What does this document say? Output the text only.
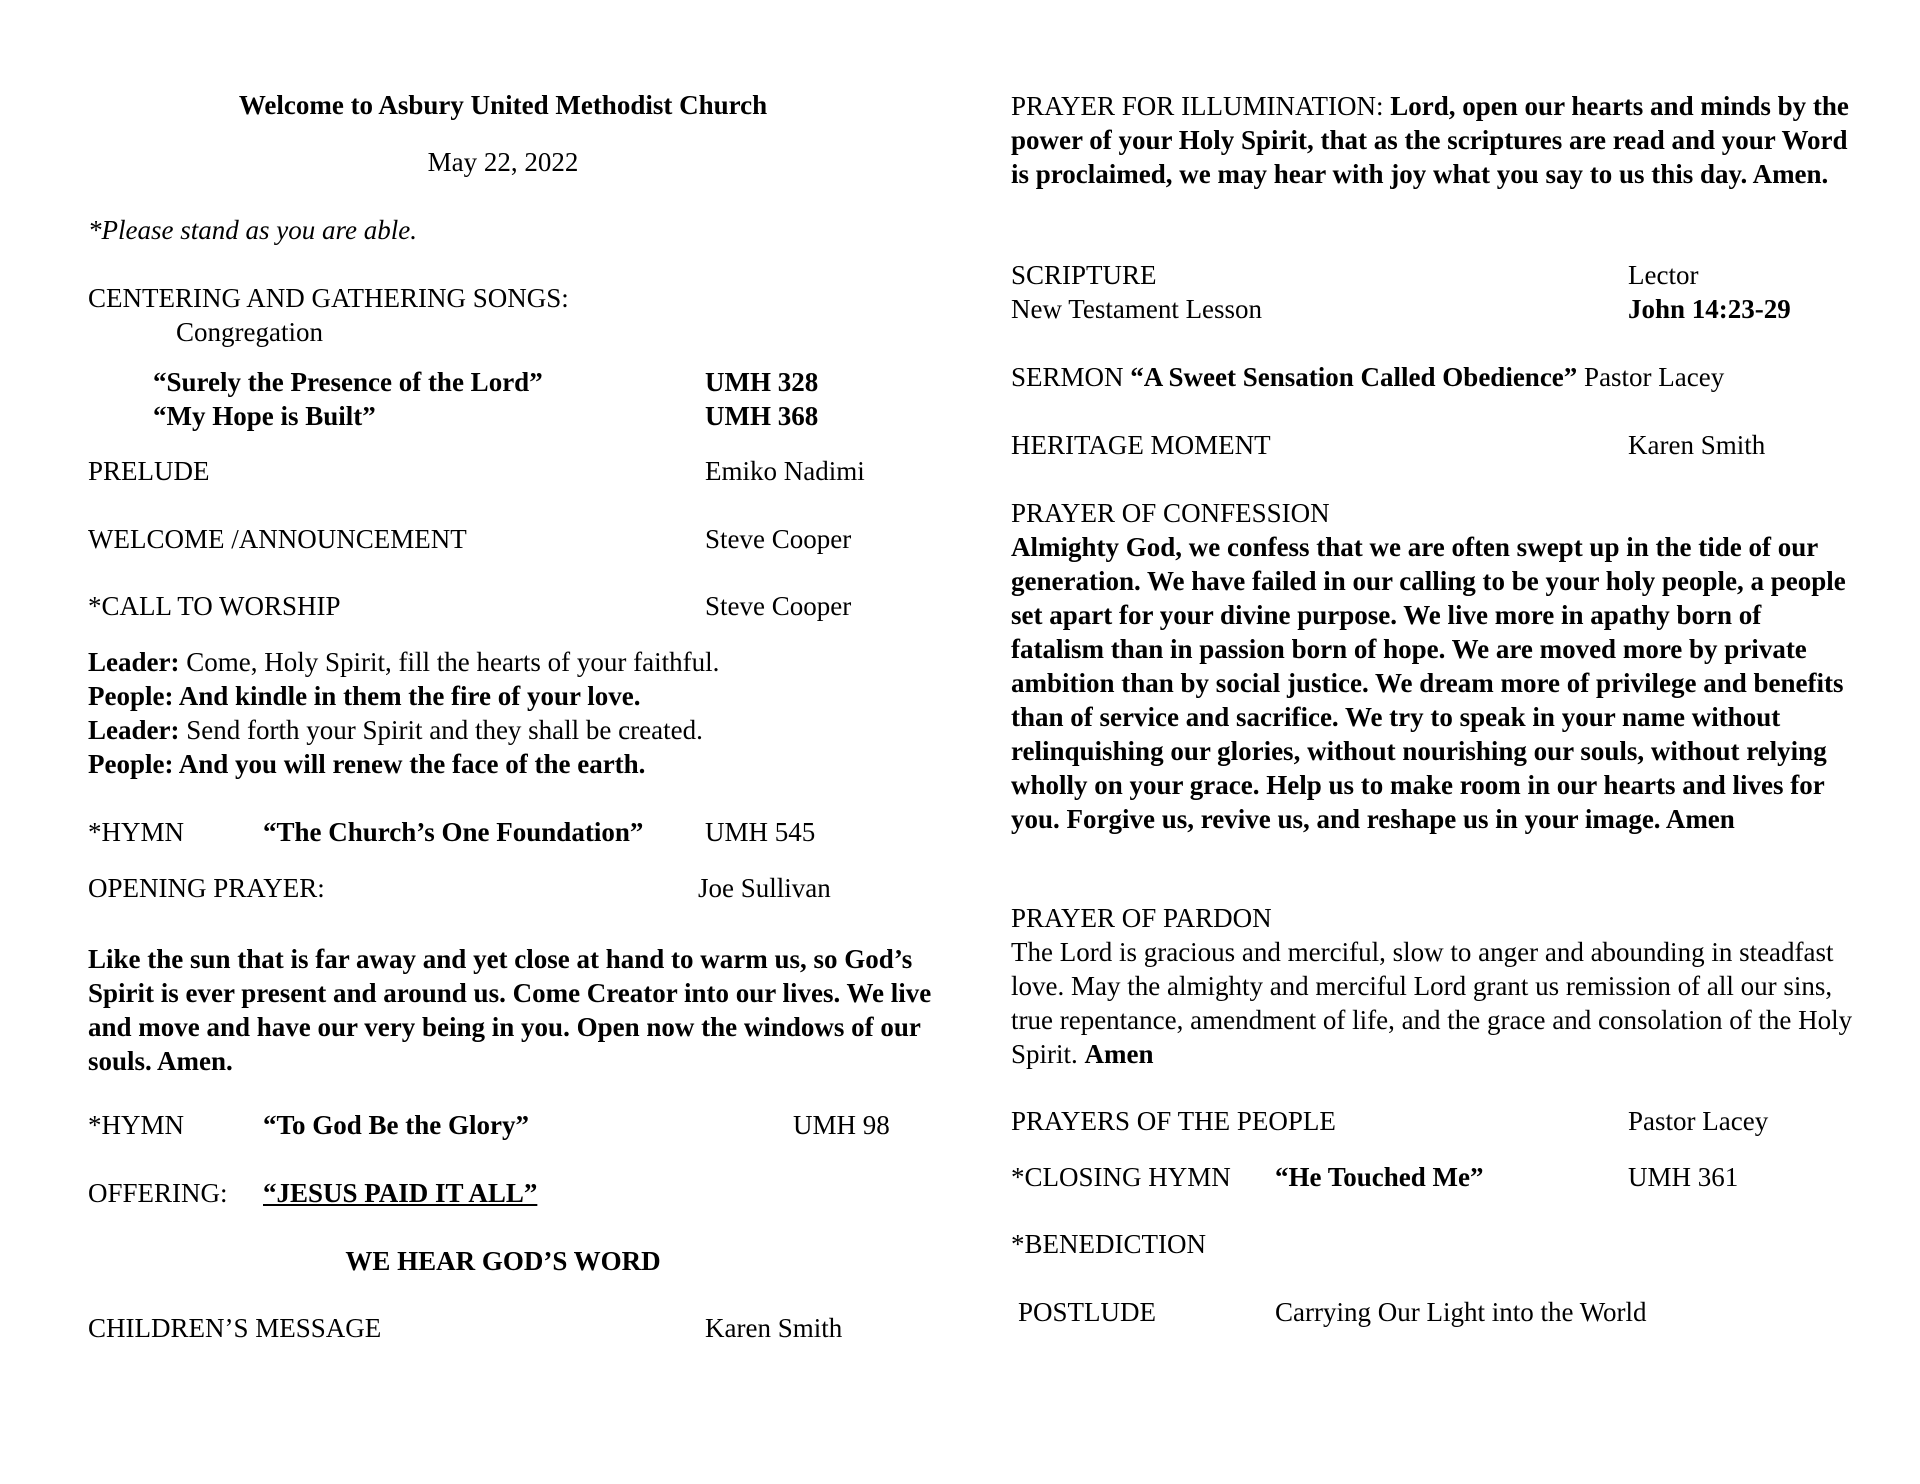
Welcome to Asbury United Methodist Church
May 22, 2022
*Please stand as you are able.
CENTERING AND GATHERING SONGS:
Congregation
“Surely the Presence of the Lord”	UMH 328
“My Hope is Built”	UMH 368
PRELUDE	Emiko Nadimi
WELCOME /ANNOUNCEMENT	Steve Cooper
*CALL TO WORSHIP	Steve Cooper
Leader: Come, Holy Spirit, fill the hearts of your faithful.
People: And kindle in them the fire of your love.
Leader: Send forth your Spirit and they shall be created.
People: And you will renew the face of the earth.
*HYMN	“The Church’s One Foundation” UMH 545
OPENING PRAYER:	Joe Sullivan
Like the sun that is far away and yet close at hand to warm us, so God’s Spirit is ever present and around us. Come Creator into our lives. We live and move and have our very being in you. Open now the windows of our souls. Amen.
*HYMN	“To God Be the Glory”	UMH 98
OFFERING: “JESUS PAID IT ALL”
WE HEAR GOD’S WORD
CHILDREN’S MESSAGE	Karen Smith
PRAYER FOR ILLUMINATION: Lord, open our hearts and minds by the power of your Holy Spirit, that as the scriptures are read and your Word is proclaimed, we may hear with joy what you say to us this day. Amen.
SCRIPTURE	Lector
New Testament Lesson	John 14:23-29
SERMON “A Sweet Sensation Called Obedience” Pastor Lacey
HERITAGE MOMENT	Karen Smith
PRAYER OF CONFESSION
Almighty God, we confess that we are often swept up in the tide of our generation. We have failed in our calling to be your holy people, a people set apart for your divine purpose. We live more in apathy born of fatalism than in passion born of hope. We are moved more by private ambition than by social justice. We dream more of privilege and benefits than of service and sacrifice. We try to speak in your name without relinquishing our glories, without nourishing our souls, without relying wholly on your grace. Help us to make room in our hearts and lives for you. Forgive us, revive us, and reshape us in your image. Amen
PRAYER OF PARDON
The Lord is gracious and merciful, slow to anger and abounding in steadfast love. May the almighty and merciful Lord grant us remission of all our sins, true repentance, amendment of life, and the grace and consolation of the Holy Spirit. Amen
PRAYERS OF THE PEOPLE	Pastor Lacey
*CLOSING HYMN “He Touched Me”	UMH 361
*BENEDICTION
POSTLUDE	Carrying Our Light into the World
